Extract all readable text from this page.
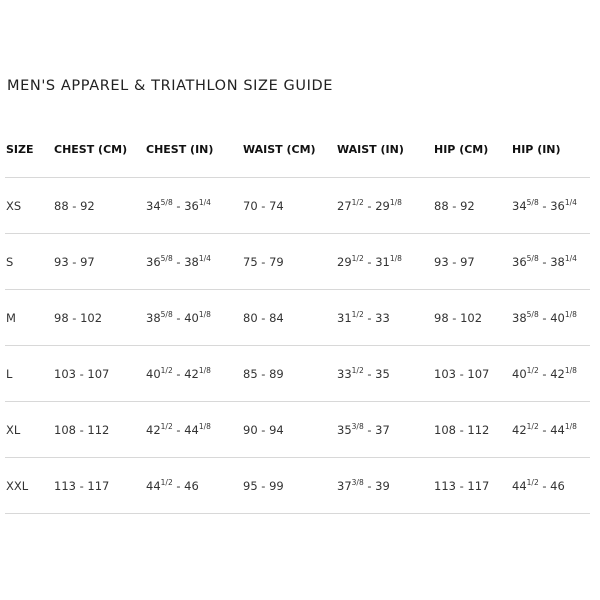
MEN'S APPAREL & TRIATHLON SIZE GUIDE
SIZE	CHEST (CM)	CHEST (IN)	WAIST (CM)	WAIST (IN)	HIP (CM)	HIP (IN)
XS	88 - 92	$34^{5/8} - 36^{1/4}$	70 - 74	$27^{1/2} - 29^{1/8}$	88 - 92	$34^{5/8} - 36^{1/4}$
S	93 - 97	$36^{5/8} - 38^{1/4}$	75 - 79	$29^{1/2} - 31^{1/8}$	93 - 97	$36^{5/8} - 38^{1/4}$
M	98 - 102	$38^{5/8} - 40^{1/8}$	80 - 84	$31^{1/2} - 33$	98 - 102	$38^{5/8} - 40^{1/8}$
L	103 - 107	$40^{1/2} - 42^{1/8}$	85 - 89	$33^{1/2} - 35$	103 - 107	$40^{1/2} - 42^{1/8}$
XL	108 - 112	$42^{1/2} - 44^{1/8}$	90 - 94	$35^{3/8} - 37$	108 - 112	$42^{1/2} - 44^{1/8}$
XXL	113 - 117	$44^{1/2} - 46$	95 - 99	$37^{3/8} - 39$	113 - 117	$44^{1/2} - 46$
